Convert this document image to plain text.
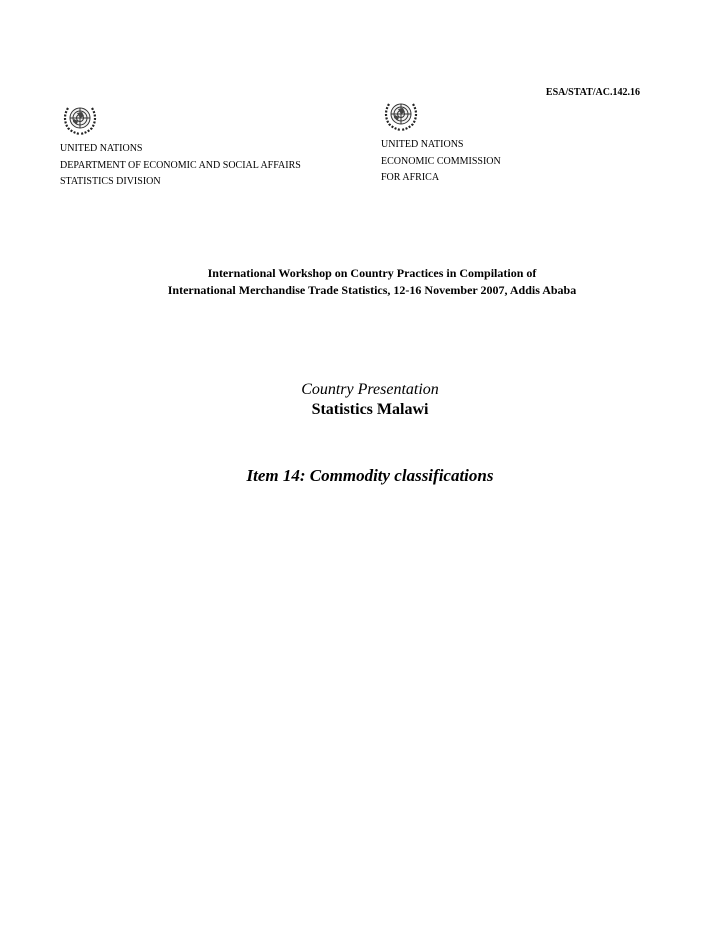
ESA/STAT/AC.142.16
UNITED NATIONS
DEPARTMENT OF ECONOMIC AND SOCIAL AFFAIRS
STATISTICS DIVISION
UNITED NATIONS
ECONOMIC COMMISSION
FOR AFRICA
International Workshop on Country Practices in Compilation of
International Merchandise Trade Statistics, 12-16 November 2007, Addis Ababa
Country Presentation
Statistics Malawi
Item 14: Commodity classifications
